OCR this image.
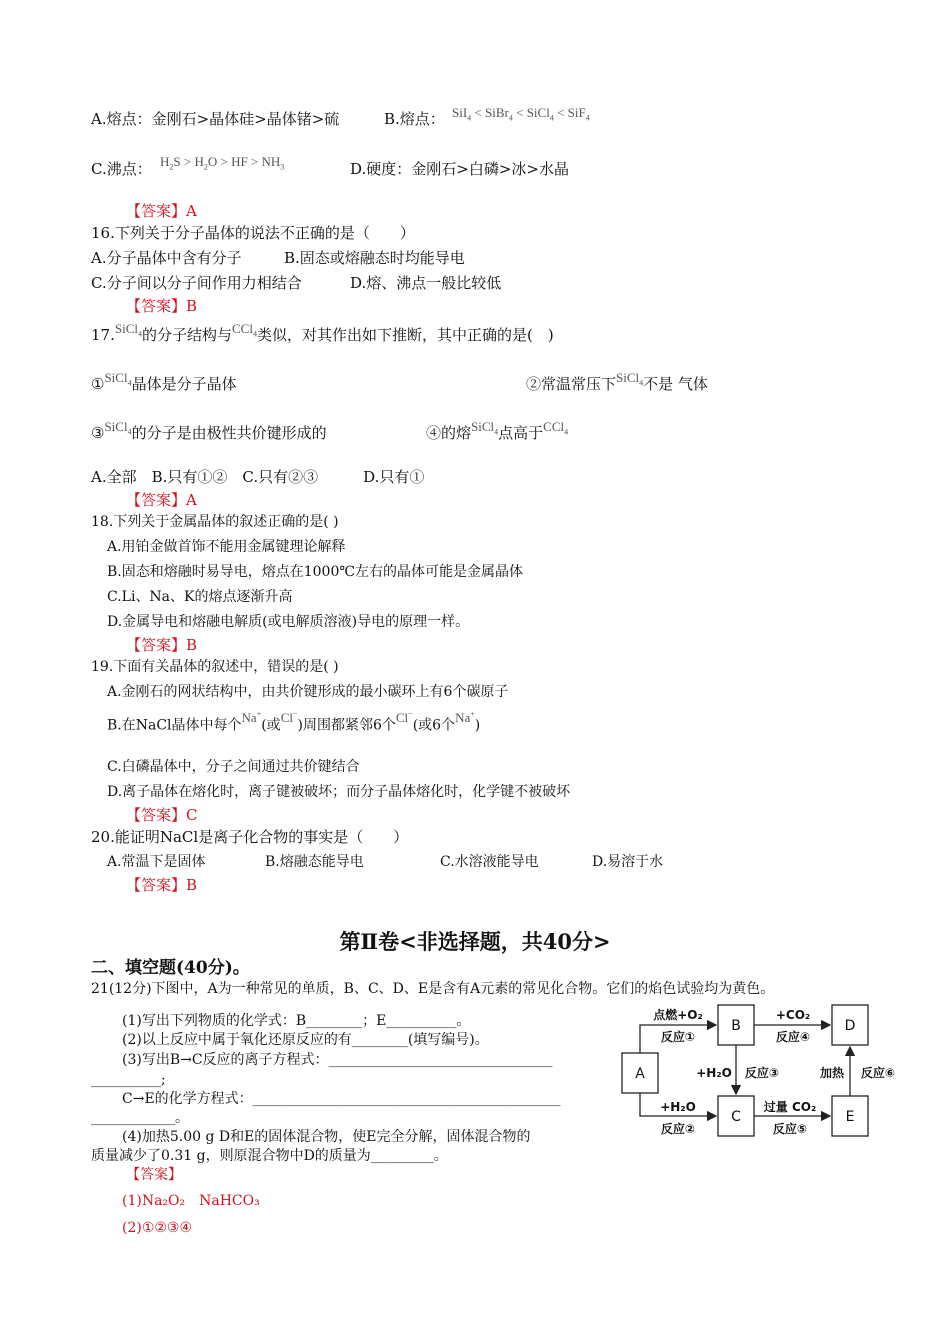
A.熔点：金刚石>晶体硅>晶体锗>硫	B.熔点： SiI$_4$ < SiBr$_4$ < SiCl$_4$ < SiF$_4$
C.沸点： $H_2S > H_2O$ > HF > $NH_3$	D.硬度：金刚石>白磷>冰>水晶
【答案】A
16.下列关于分子晶体的说法不正确的是（　　）
A.分子晶体中含有分子	B.固态或熔融态时均能导电
C.分子间以分子间作用力相结合	D.熔、沸点一般比较低
【答案】B
17.SiCl$_4$的分子结构与CCl$_4$类似，对其作出如下推断，其中正确的是(　)
①SiCl$_4$晶体是分子晶体	②常温常压下SiCl$_4$不是 气体
③SiCl$_4$的分子是由极性共价键形成的	④的熔SiCl$_4$点高于CCl$_4$
A.全部　B.只有①②　C.只有②③　　　D.只有①
【答案】A
18.下列关于金属晶体的叙述正确的是( )
A.用铂金做首饰不能用金属键理论解释
B.固态和熔融时易导电，熔点在1000℃左右的晶体可能是金属晶体
C.Li、Na、K的熔点逐渐升高
D.金属导电和熔融电解质(或电解质溶液)导电的原理一样。
【答案】B
19.下面有关晶体的叙述中，错误的是( )
A.金刚石的网状结构中，由共价键形成的最小碳环上有6个碳原子
B.在NaCl晶体中每个Na+(或Cl−)周围都紧邻6个Cl−(或6个Na+)
C.白磷晶体中，分子之间通过共价键结合
D.离子晶体在熔化时，离子键被破坏；而分子晶体熔化时，化学键不被破坏
【答案】C
20.能证明NaCl是离子化合物的事实是（　　）
A.常温下是固体	B.熔融态能导电	C.水溶液能导电	D.易溶于水
【答案】B
第Ⅱ卷<非选择题，共40分>
二、填空题(40分)。
21(12分)下图中，A为一种常见的单质，B、C、D、E是含有A元素的常见化合物。它们的焰色试验均为黄色。
(1)写出下列物质的化学式：B________；E__________。
(2)以上反应中属于氧化还原反应的有________(填写编号)。
(3)写出B→C反应的离子方程式：________________________________
__________;
C→E的化学方程式：____________________________________________
____________。
(4)加热5.00 g D和E的固体混合物，使E完全分解，固体混合物的
质量减少了0.31 g，则原混合物中D的质量为_________。
【答案】
(1)Na₂O₂　NaHCO₃
(2)①②③④
A
B
C
D
E
点燃+O₂
反应①
+CO₂
反应④
+H₂O 反应③	加热 反应⑥
+H₂O
反应②
过量 CO₂
反应⑤
